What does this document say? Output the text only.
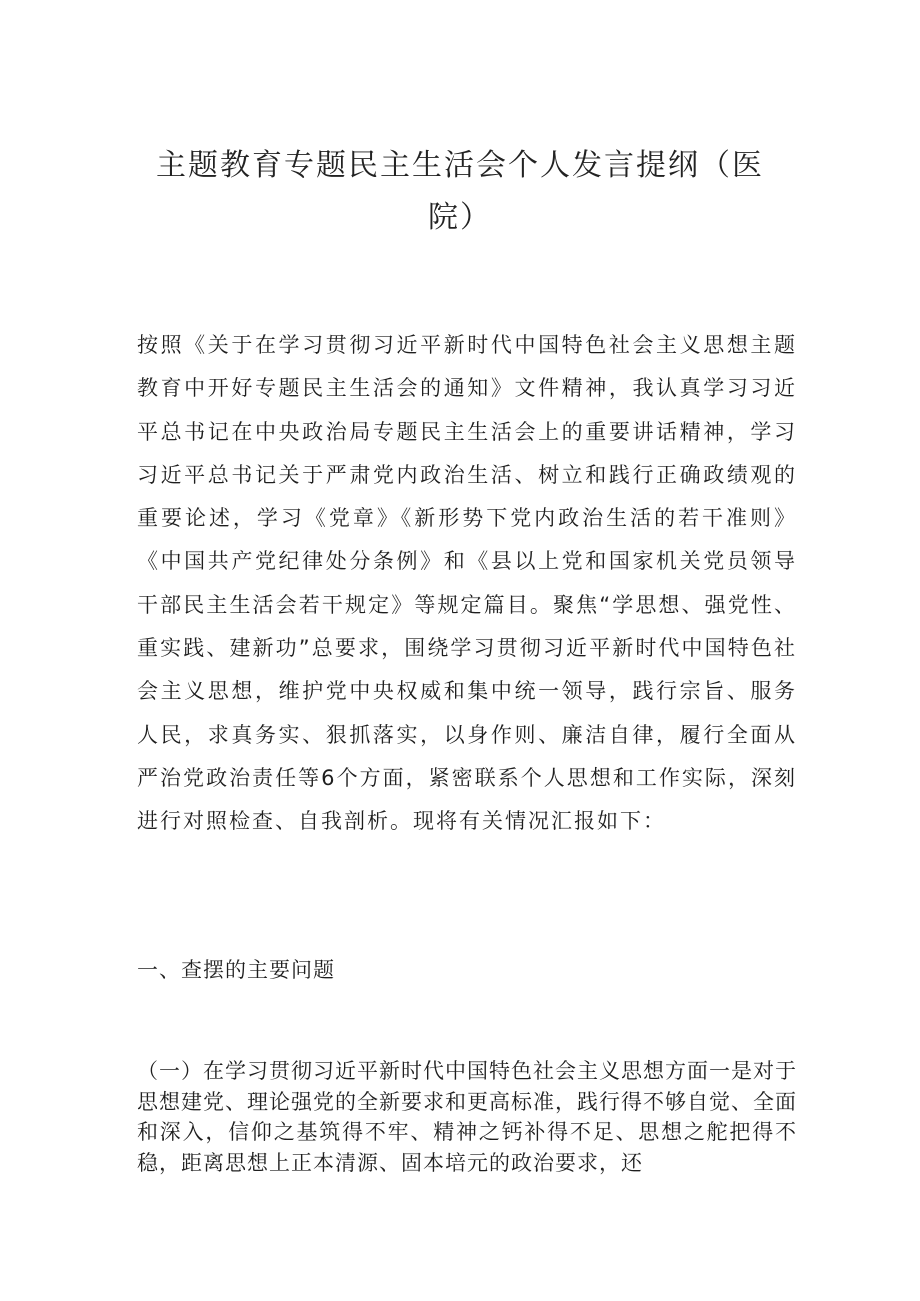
主题教育专题民主生活会个人发言提纲（医院）

按照《关于在学习贯彻习近平新时代中国特色社会主义思想主题教育中开好专题民主生活会的通知》文件精神，我认真学习习近平总书记在中央政治局专题民主生活会上的重要讲话精神，学习习近平总书记关于严肃党内政治生活、树立和践行正确政绩观的重要论述，学习《党章》《新形势下党内政治生活的若干准则》《中国共产党纪律处分条例》和《县以上党和国家机关党员领导干部民主生活会若干规定》等规定篇目。聚焦“学思想、强党性、重实践、建新功”总要求，围绕学习贯彻习近平新时代中国特色社会主义思想，维护党中央权威和集中统一领导，践行宗旨、服务人民，求真务实、狠抓落实，以身作则、廉洁自律，履行全面从严治党政治责任等6个方面，紧密联系个人思想和工作实际，深刻进行对照检查、自我剖析。现将有关情况汇报如下：

一、查摆的主要问题

（一）在学习贯彻习近平新时代中国特色社会主义思想方面一是对于思想建党、理论强党的全新要求和更高标准，践行得不够自觉、全面和深入，信仰之基筑得不牢、精神之钙补得不足、思想之舵把得不稳，距离思想上正本清源、固本培元的政治要求，还
